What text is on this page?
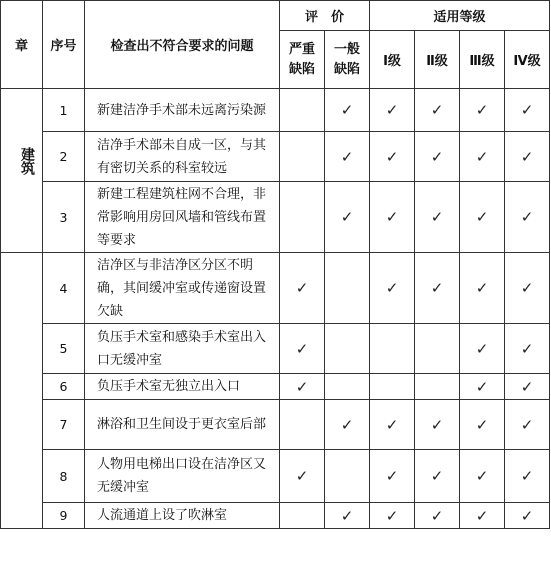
章	序号	检查出不符合要求的问题	评　价		适用等级			
			严重缺陷	一般缺陷	Ⅰ级	Ⅱ级	Ⅲ级	Ⅳ级
建筑	1	新建洁净手术部未远离污染源		✓	✓	✓	✓	✓
	2	洁净手术部未自成一区，与其有密切关系的科室较远		✓	✓	✓	✓	✓
	3	新建工程建筑柱网不合理，非常影响用房回风墙和管线布置等要求		✓	✓	✓	✓	✓
	4	洁净区与非洁净区分区不明确，其间缓冲室或传递窗设置欠缺	✓		✓	✓	✓	✓
	5	负压手术室和感染手术室出入口无缓冲室	✓				✓	✓
	6	负压手术室无独立出入口	✓				✓	✓
	7	淋浴和卫生间设于更衣室后部		✓	✓	✓	✓	✓
	8	人物用电梯出口设在洁净区又无缓冲室	✓		✓	✓	✓	✓
	9	人流通道上设了吹淋室		✓	✓	✓	✓	✓
